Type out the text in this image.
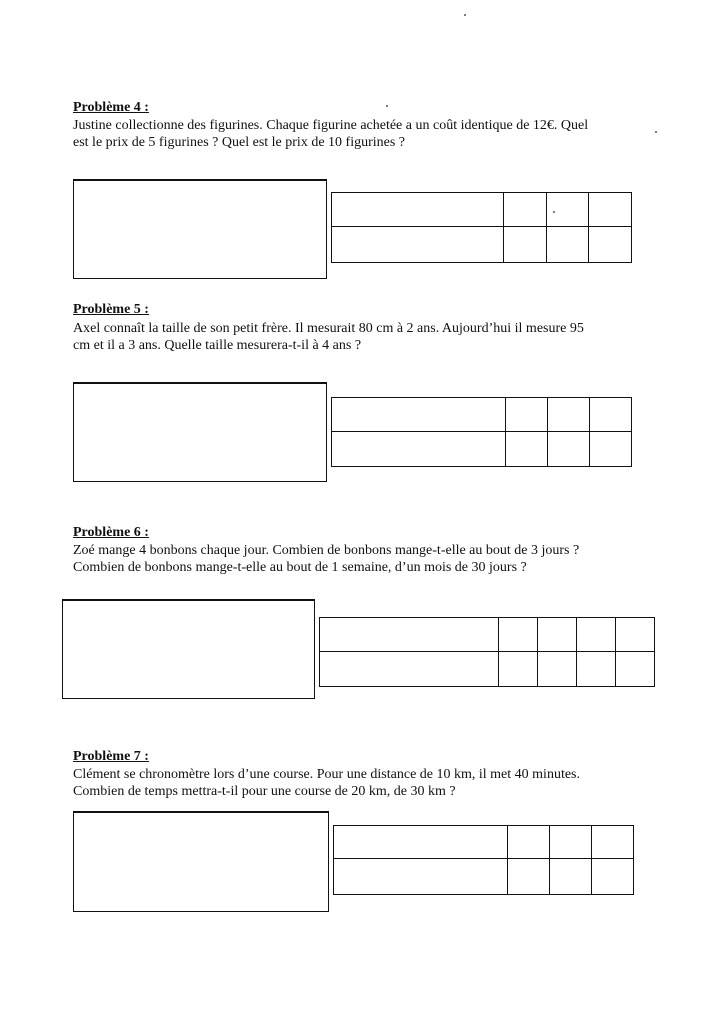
Problème 4 :
Justine collectionne des figurines. Chaque figurine achetée a un coût identique de 12€. Quel
est le prix de 5 figurines ? Quel est le prix de 10 figurines ?

Problème 5 :
Axel connaît la taille de son petit frère. Il mesurait 80 cm à 2 ans. Aujourd’hui il mesure 95
cm et il a 3 ans. Quelle taille mesurera-t-il à 4 ans ?

Problème 6 :
Zoé mange 4 bonbons chaque jour. Combien de bonbons mange-t-elle au bout de 3 jours ?
Combien de bonbons mange-t-elle au bout de 1 semaine, d’un mois de 30 jours ?

Problème 7 :
Clément se chronomètre lors d’une course. Pour une distance de 10 km, il met 40 minutes.
Combien de temps mettra-t-il pour une course de 20 km, de 30 km ?
